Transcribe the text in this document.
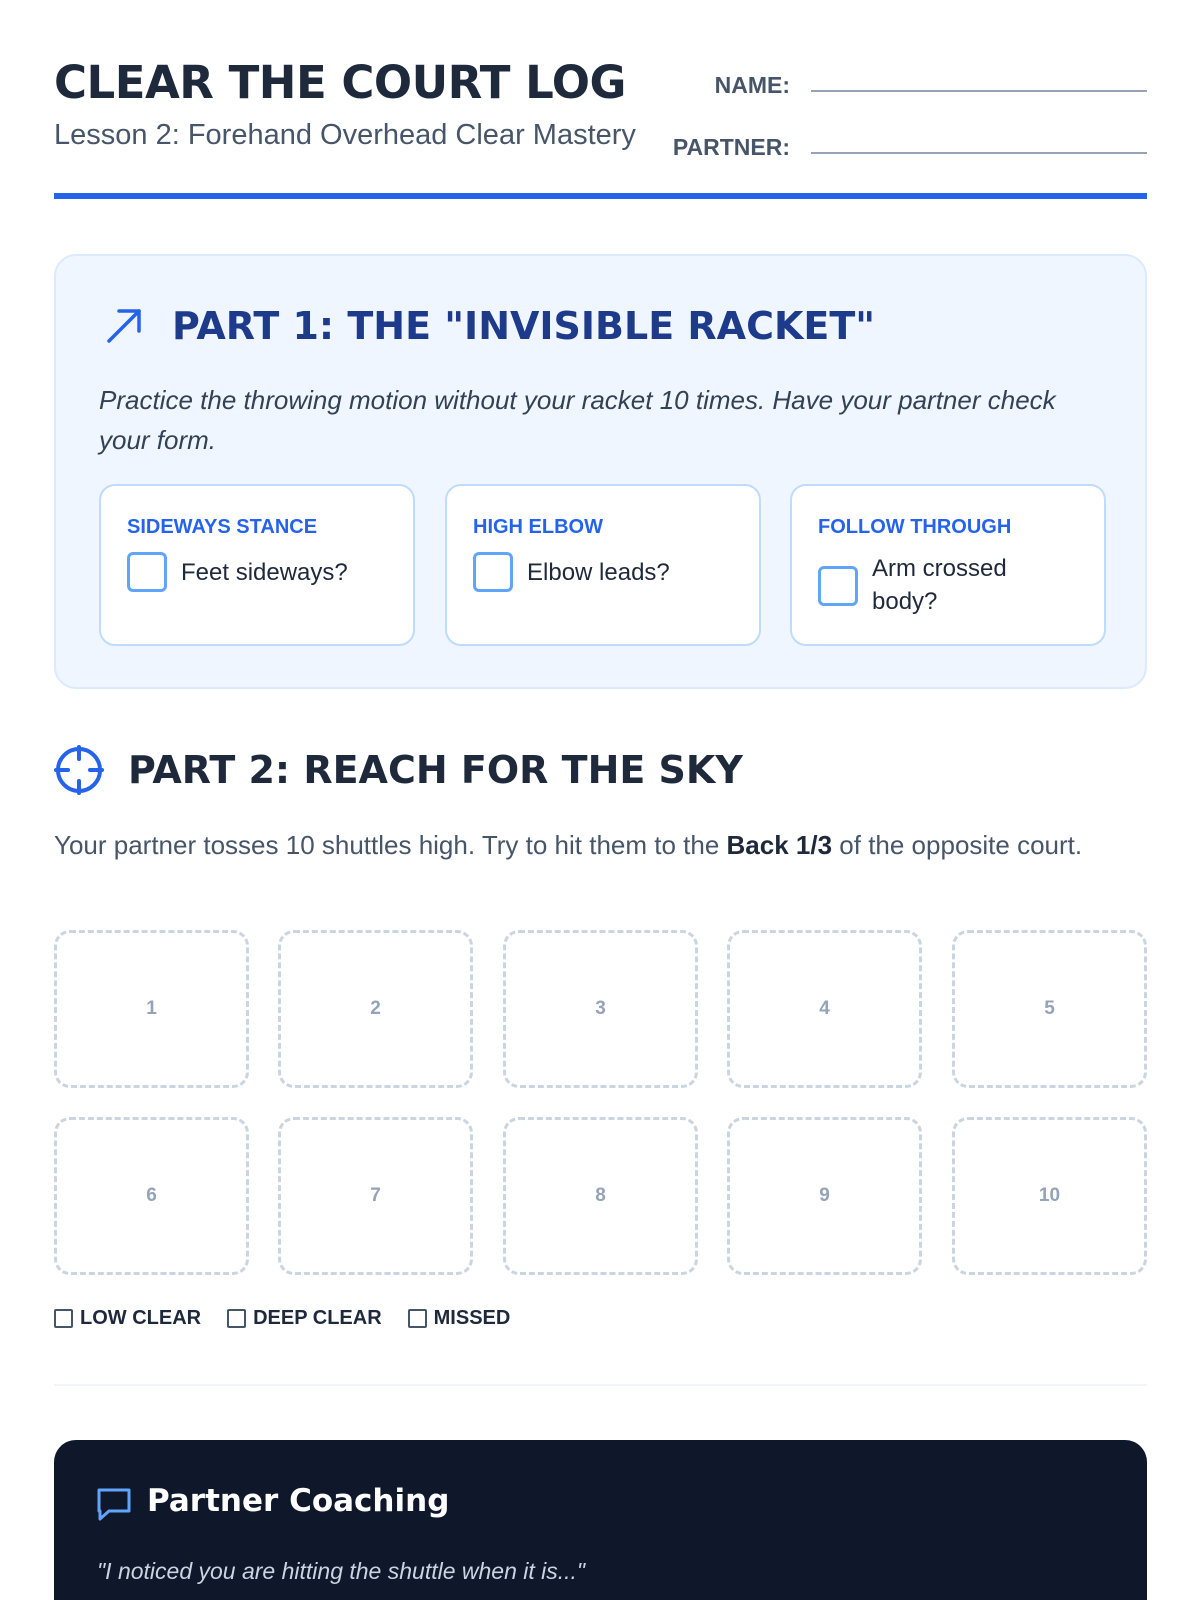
CLEAR THE COURT LOG
Lesson 2: Forehand Overhead Clear Mastery
NAME:
PARTNER:
PART 1: THE "INVISIBLE RACKET"
Practice the throwing motion without your racket 10 times. Have your partner check your form.
SIDEWAYS STANCE
Feet sideways?
HIGH ELBOW
Elbow leads?
FOLLOW THROUGH
Arm crossed body?
PART 2: REACH FOR THE SKY
Your partner tosses 10 shuttles high. Try to hit them to the Back 1/3 of the opposite court.
1	2	3	4	5
6	7	8	9	10
LOW CLEAR	DEEP CLEAR	MISSED
Partner Coaching
"I noticed you are hitting the shuttle when it is..."
